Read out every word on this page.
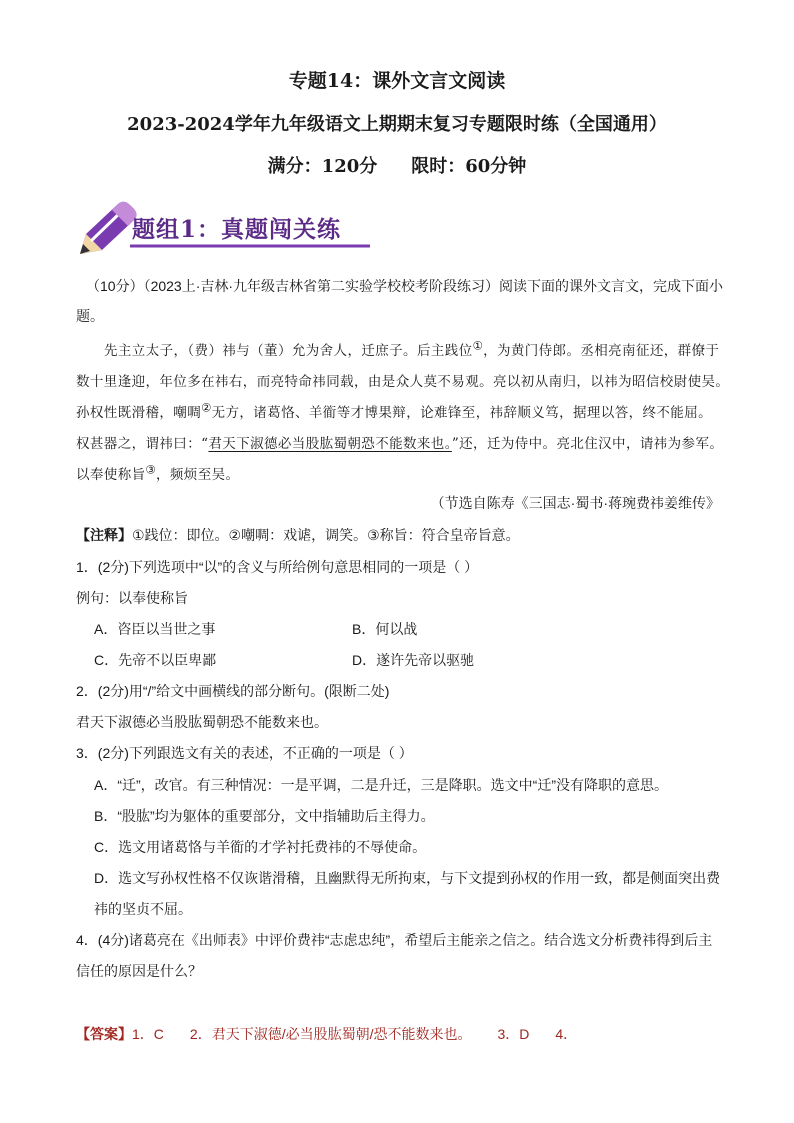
专题14：课外文言文阅读
2023-2024学年九年级语文上期期末复习专题限时练（全国通用）
满分：120分 限时：60分钟
题组1：真题闯关练
（10分）（2023上·吉林·九年级吉林省第二实验学校校考阶段练习）阅读下面的课外文言文，完成下面小
题。
先主立太子，（费）祎与（董）允为舍人，迁庶子。后主践位①，为黄门侍郎。丞相亮南征还，群僚于
数十里逢迎，年位多在祎右，而亮特命祎同载，由是众人莫不易观。亮以初从南归，以祎为昭信校尉使吴。
孙权性既滑稽，嘲啁②无方，诸葛恪、羊衜等才博果辩，论难锋至，祎辞顺义笃，据理以答，终不能屈。
权甚器之，谓祎曰：“君天下淑德必当股肱蜀朝恐不能数来也。”还，迁为侍中。亮北住汉中，请祎为参军。
以奉使称旨③，频烦至吴。
（节选自陈寿《三国志·蜀书·蒋琬费祎姜维传》
【注释】①践位：即位。②嘲啁：戏谑，调笑。③称旨：符合皇帝旨意。
1．(2分)下列选项中“以”的含义与所给例句意思相同的一项是（ ）
例句：以奉使称旨
A．咨臣以当世之事	B．何以战
C．先帝不以臣卑鄙	D．遂许先帝以驱驰
2．(2分)用“/”给文中画横线的部分断句。(限断二处)
君天下淑德必当股肱蜀朝恐不能数来也。
3．(2分)下列跟选文有关的表述，不正确的一项是（ ）
A．“迁”，改官。有三种情况：一是平调，二是升迁，三是降职。选文中“迁”没有降职的意思。
B．“股肱”均为躯体的重要部分，文中指辅助后主得力。
C．选文用诸葛恪与羊衜的才学衬托费祎的不辱使命。
D．选文写孙权性格不仅诙谐滑稽，且幽默得无所拘束，与下文提到孙权的作用一致，都是侧面突出费
祎的坚贞不屈。
4．(4分)诸葛亮在《出师表》中评价费祎“志虑忠纯”，希望后主能亲之信之。结合选文分析费祎得到后主
信任的原因是什么？
【答案】1．C 2．君天下淑德/必当股肱蜀朝/恐不能数来也。 3．D 4．
